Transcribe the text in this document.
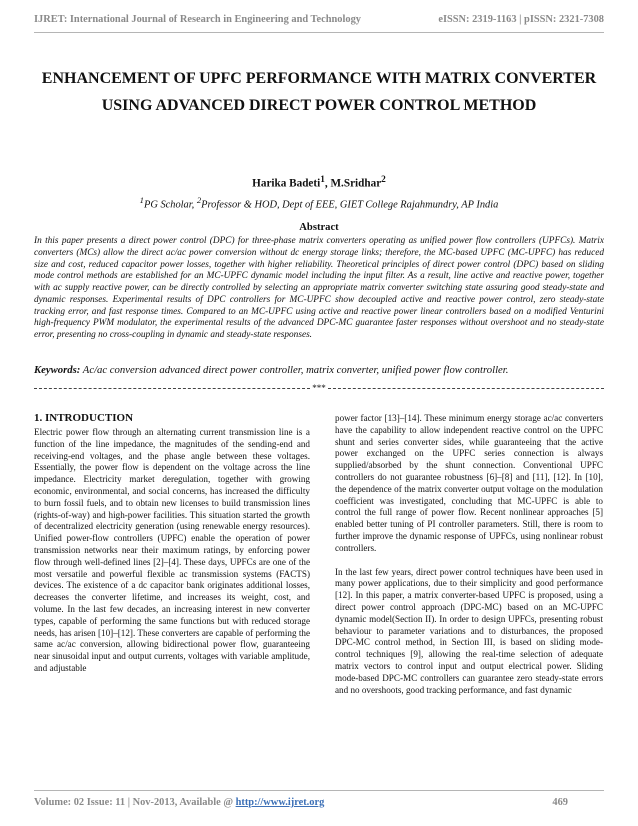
IJRET: International Journal of Research in Engineering and Technology	eISSN: 2319-1163 | pISSN: 2321-7308
ENHANCEMENT OF UPFC PERFORMANCE WITH MATRIX CONVERTER USING ADVANCED DIRECT POWER CONTROL METHOD
Harika Badeti$^1$, M.Sridhar$^2$
$^1$PG Scholar, $^2$Professor & HOD, Dept of EEE, GIET College Rajahmundry, AP India
Abstract

In this paper presents a direct power control (DPC) for three-phase matrix converters operating as unified power flow controllers (UPFCs). Matrix converters (MCs) allow the direct ac/ac power conversion without dc energy storage links; therefore, the MC-based UPFC (MC-UPFC) has reduced size and cost, reduced capacitor power losses, together with higher reliability. Theoretical principles of direct power control (DPC) based on sliding mode control methods are established for an MC-UPFC dynamic model including the input filter. As a result, line active and reactive power, together with ac supply reactive power, can be directly controlled by selecting an appropriate matrix converter switching state assuring good steady-state and dynamic responses. Experimental results of DPC controllers for MC-UPFC show decoupled active and reactive power control, zero steady-state tracking error, and fast response times. Compared to an MC-UPFC using active and reactive power linear controllers based on a modified Venturini high-frequency PWM modulator, the experimental results of the advanced DPC-MC guarantee faster responses without overshoot and no steady-state error, presenting no cross-coupling in dynamic and steady-state responses.

Keywords: Ac/ac conversion advanced direct power controller, matrix converter, unified power flow controller.

***
1. INTRODUCTION

Electric power flow through an alternating current transmission line is a function of the line impedance, the magnitudes of the sending-end and receiving-end voltages, and the phase angle between these voltages. Essentially, the power flow is dependent on the voltage across the line impedance. Electricity market deregulation, together with growing economic, environmental, and social concerns, has increased the difficulty to burn fossil fuels, and to obtain new licenses to build transmission lines (rights-of-way) and high-power facilities. This situation started the growth of decentralized electricity generation (using renewable energy resources). Unified power-flow controllers (UPFC) enable the operation of power transmission networks near their maximum ratings, by enforcing power flow through well-defined lines [2]–[4]. These days, UPFCs are one of the most versatile and powerful flexible ac transmission systems (FACTS) devices. The existence of a dc capacitor bank originates additional losses, decreases the converter lifetime, and increases its weight, cost, and volume. In the last few decades, an increasing interest in new converter types, capable of performing the same functions but with reduced storage needs, has arisen [10]–[12]. These converters are capable of performing the same ac/ac conversion, allowing bidirectional power flow, guaranteeing near sinusoidal input and output currents, voltages with variable amplitude, and adjustable

power factor [13]–[14]. These minimum energy storage ac/ac converters have the capability to allow independent reactive control on the UPFC shunt and series converter sides, while guaranteeing that the active power exchanged on the UPFC series connection is always supplied/absorbed by the shunt connection. Conventional UPFC controllers do not guarantee robustness [6]–[8] and [11], [12]. In [10], the dependence of the matrix converter output voltage on the modulation coefficient was investigated, concluding that MC-UPFC is able to control the full range of power flow. Recent nonlinear approaches [5] enabled better tuning of PI controller parameters. Still, there is room to further improve the dynamic response of UPFCs, using nonlinear robust controllers.

In the last few years, direct power control techniques have been used in many power applications, due to their simplicity and good performance [12]. In this paper, a matrix converter-based UPFC is proposed, using a direct power control approach (DPC-MC) based on an MC-UPFC dynamic model(Section II). In order to design UPFCs, presenting robust behaviour to parameter variations and to disturbances, the proposed DPC-MC control method, in Section III, is based on sliding mode-control techniques [9], allowing the real-time selection of adequate matrix vectors to control input and output electrical power. Sliding mode-based DPC-MC controllers can guarantee zero steady-state errors and no overshoots, good tracking performance, and fast dynamic

Volume: 02 Issue: 11 | Nov-2013, Available @ http://www.ijret.org	469
